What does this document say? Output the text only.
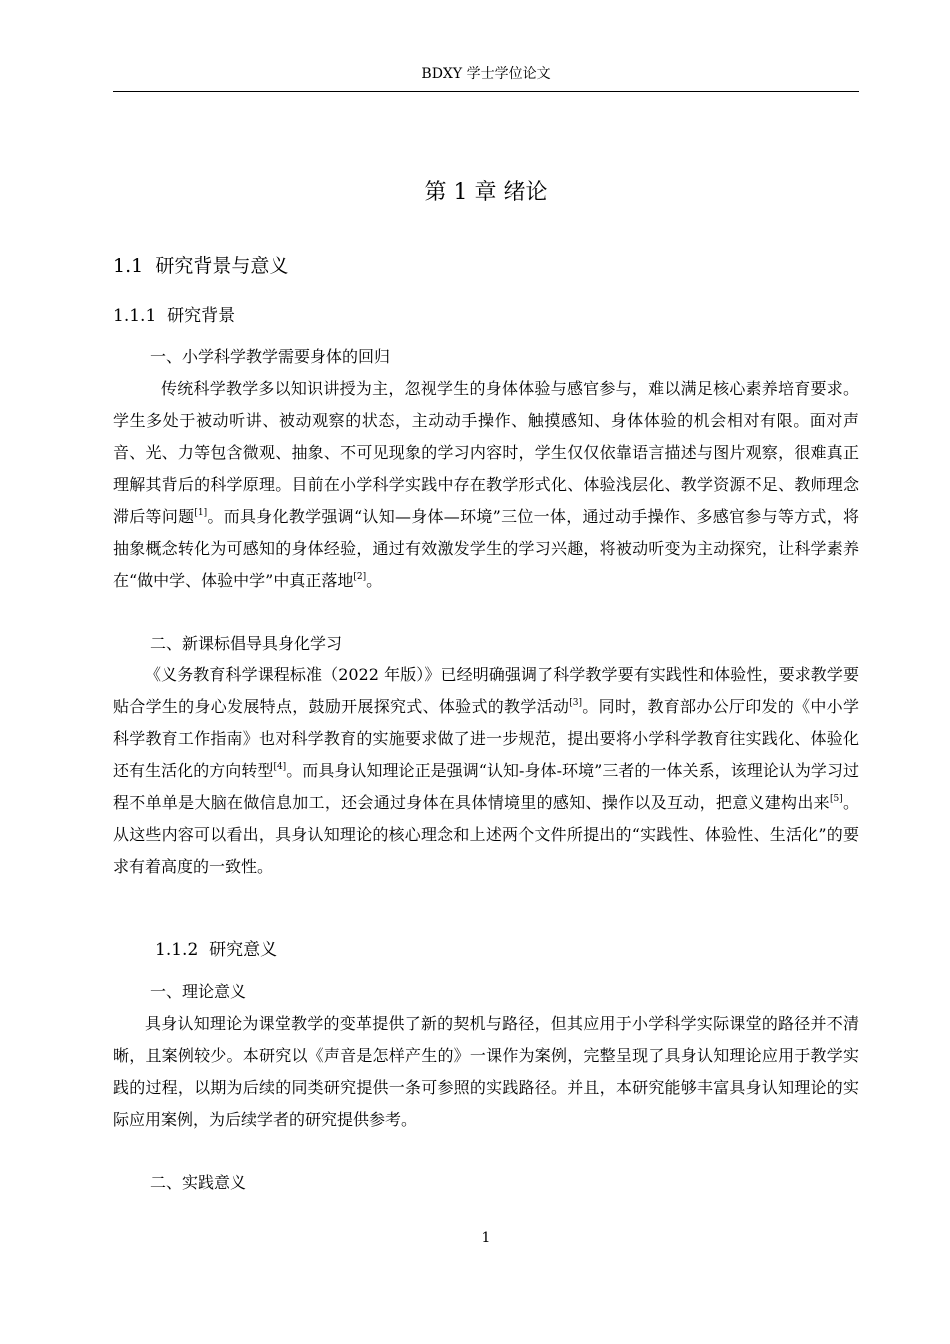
BDXY 学士学位论文
第 1 章 绪论
1.1 研究背景与意义
1.1.1 研究背景
一、小学科学教学需要身体的回归

传统科学教学多以知识讲授为主，忽视学生的身体体验与感官参与，难以满足核心素养培育要求。学生多处于被动听讲、被动观察的状态，主动动手操作、触摸感知、身体体验的机会相对有限。面对声音、光、力等包含微观、抽象、不可见现象的学习内容时，学生仅仅依靠语言描述与图片观察，很难真正理解其背后的科学原理。目前在小学科学实践中存在教学形式化、体验浅层化、教学资源不足、教师理念滞后等问题[1]。而具身化教学强调“认知—身体—环境”三位一体，通过动手操作、多感官参与等方式，将抽象概念转化为可感知的身体经验，通过有效激发学生的学习兴趣，将被动听变为主动探究，让科学素养在“做中学、体验中学”中真正落地[2]。

二、新课标倡导具身化学习

《义务教育科学课程标准（2022 年版）》已经明确强调了科学教学要有实践性和体验性，要求教学要贴合学生的身心发展特点，鼓励开展探究式、体验式的教学活动[3]。同时，教育部办公厅印发的《中小学科学教育工作指南》也对科学教育的实施要求做了进一步规范，提出要将小学科学教育往实践化、体验化还有生活化的方向转型[4]。而具身认知理论正是强调“认知-身体-环境”三者的一体关系，该理论认为学习过程不单单是大脑在做信息加工，还会通过身体在具体情境里的感知、操作以及互动，把意义建构出来[5]。从这些内容可以看出，具身认知理论的核心理念和上述两个文件所提出的“实践性、体验性、生活化”的要求有着高度的一致性。

1.1.2 研究意义
一、理论意义

具身认知理论为课堂教学的变革提供了新的契机与路径，但其应用于小学科学实际课堂的路径并不清晰，且案例较少。本研究以《声音是怎样产生的》一课作为案例，完整呈现了具身认知理论应用于教学实践的过程，以期为后续的同类研究提供一条可参照的实践路径。并且，本研究能够丰富具身认知理论的实际应用案例，为后续学者的研究提供参考。

二、实践意义
1
